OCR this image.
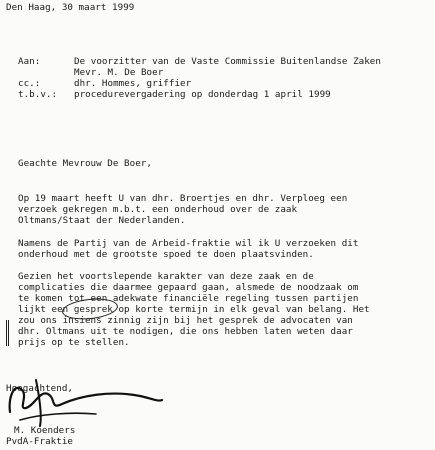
Den Haag, 30 maart 1999
Aan:	De voorzitter van de Vaste Commissie Buitenlandse Zaken
Mevr. M. De Boer
cc.:	dhr. Hommes, griffier
t.b.v.: procedurevergadering op donderdag 1 april 1999
Geachte Mevrouw De Boer,
Op 19 maart heeft U van dhr. Broertjes en dhr. Verploeg een
verzoek gekregen m.b.t. een onderhoud over de zaak
Oltmans/Staat der Nederlanden.
Namens de Partij van de Arbeid-fraktie wil ik U verzoeken dit
onderhoud met de grootste spoed te doen plaatsvinden.
Gezien het voortslepende karakter van deze zaak en de
complicaties die daarmee gepaard gaan, alsmede de noodzaak om
te komen tot een adekwate financiële regeling tussen partijen
lijkt een gesprek op korte termijn in elk geval van belang. Het
zou ons insiens zinnig zijn bij het gesprek de advocaten van
dhr. Oltmans uit te nodigen, die ons hebben laten weten daar
prijs op te stellen.
Hoogachtend,
M. Koenders
PvdA-Fraktie
